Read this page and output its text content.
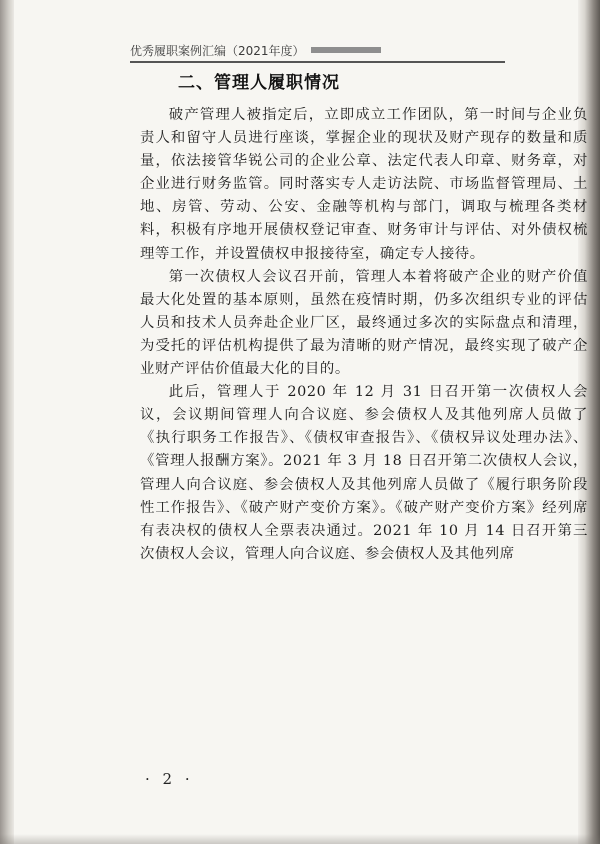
优秀履职案例汇编（2021年度）
二、管理人履职情况

破产管理人被指定后，立即成立工作团队，第一时间与企业负责人和留守人员进行座谈，掌握企业的现状及财产现存的数量和质量，依法接管华锐公司的企业公章、法定代表人印章、财务章，对企业进行财务监管。同时落实专人走访法院、市场监督管理局、土地、房管、劳动、公安、金融等机构与部门，调取与梳理各类材料，积极有序地开展债权登记审查、财务审计与评估、对外债权梳理等工作，并设置债权申报接待室，确定专人接待。

第一次债权人会议召开前，管理人本着将破产企业的财产价值最大化处置的基本原则，虽然在疫情时期，仍多次组织专业的评估人员和技术人员奔赴企业厂区，最终通过多次的实际盘点和清理，为受托的评估机构提供了最为清晰的财产情况，最终实现了破产企业财产评估价值最大化的目的。

此后，管理人于 2020 年 12 月 31 日召开第一次债权人会议，会议期间管理人向合议庭、参会债权人及其他列席人员做了《执行职务工作报告》、《债权审查报告》、《债权异议处理办法》、《管理人报酬方案》。2021 年 3 月 18 日召开第二次债权人会议，管理人向合议庭、参会债权人及其他列席人员做了《履行职务阶段性工作报告》、《破产财产变价方案》。《破产财产变价方案》经列席有表决权的债权人全票表决通过。2021 年 10 月 14 日召开第三次债权人会议，管理人向合议庭、参会债权人及其他列席

· 2 ·
